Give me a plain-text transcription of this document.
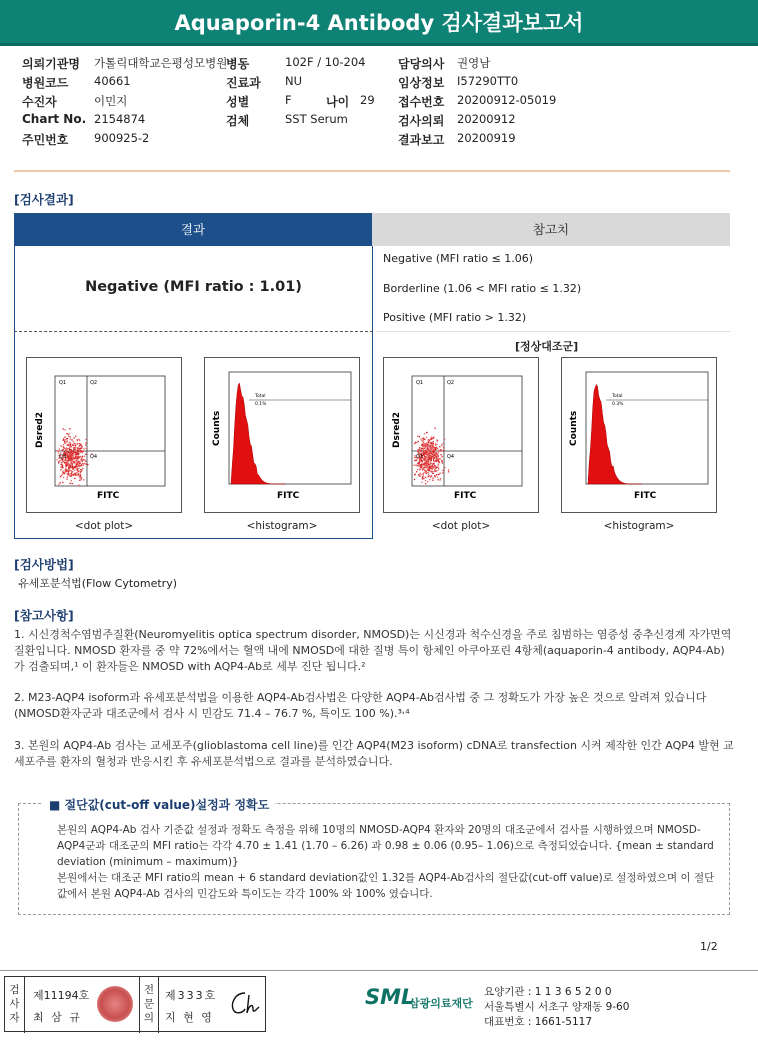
Aquaporin-4 Antibody 검사결과보고서
의뢰기관명 가톨릭대학교은평성모병원
병동	102F / 10-204	담당의사 권영남
병원코드 40661	진료과 NU	임상정보 I57290TT0
수진자	이민지	성별	F	나이 29 접수번호 20200912-05019
Chart No. 2154874	검체	SST Serum	검사의뢰 20200912
주민번호 900925-2	결과보고 20200919
[검사결과]
결과	참고치
Negative (MFI ratio : 1.01)
Negative (MFI ratio ≤ 1.06)
Borderline (1.06 < MFI ratio ≤ 1.32)
Positive (MFI ratio > 1.32)
[정상대조군]
Dsred2
FITC
Q1	Q2
Q3	Q4
<dot plot>
Total
0.1%
Counts
FITC
<histogram>
Dsred2
FITC
Q1	Q2
Q3	Q4
<dot plot>
Total
0.3%
Counts
FITC
<histogram>
[검사방법]
유세포분석법(Flow Cytometry)
[참고사항]
1. 시신경척수염범주질환(Neuromyelitis optica spectrum disorder, NMOSD)는 시신경과 척수신경을 주로 침범하는 염증성 중추신경계 자가면역 질환입니다. NMOSD 환자를 중 약 72%에서는 혈액 내에 NMOSD에 대한 질병 특이 항체인 아쿠아포린 4항체(aquaporin-4 antibody, AQP4-Ab)가 검출되며,¹ 이 환자들은 NMOSD with AQP4-Ab로 세부 진단 됩니다.²
2. M23-AQP4 isoform과 유세포분석법을 이용한 AQP4-Ab검사법은 다양한 AQP4-Ab검사법 중 그 정확도가 가장 높은 것으로 알려져 있습니다(NMOSD환자군과 대조군에서 검사 시 민감도 71.4 – 76.7 %, 특이도 100 %).³˒⁴
3. 본원의 AQP4-Ab 검사는 교세포주(glioblastoma cell line)를 인간 AQP4(M23 isoform) cDNA로 transfection 시켜 제작한 인간 AQP4 발현 교세포주를 환자의 혈청과 반응시킨 후 유세포분석법으로 결과를 분석하였습니다.
■ 절단값(cut-off value)설정과 정확도
본원의 AQP4-Ab 검사 기준값 설정과 정확도 측정을 위해 10명의 NMOSD-AQP4 환자와 20명의 대조군에서 검사를 시행하였으며 NMOSD-AQP4군과 대조군의 MFI ratio는 각각 4.70 ± 1.41 (1.70 – 6.26) 과 0.98 ± 0.06 (0.95– 1.06)으로 측정되었습니다. {mean ± standard deviation (minimum – maximum)}
본원에서는 대조군 MFI ratio의 mean + 6 standard deviation값인 1.32를 AQP4-Ab검사의 절단값(cut-off value)로 설정하였으며 이 절단값에서 본원 AQP4-Ab 검사의 민감도와 특이도는 각각 100% 와 100% 였습니다.
1/2
검사자
제11194호
최 삼 규
전문의
제333호
지 현 영
SML
삼광의료재단
요양기관 : 1 1 3 6 5 2 0 0
서울특별시 서초구 양재동 9-60
대표번호 : 1661-5117
